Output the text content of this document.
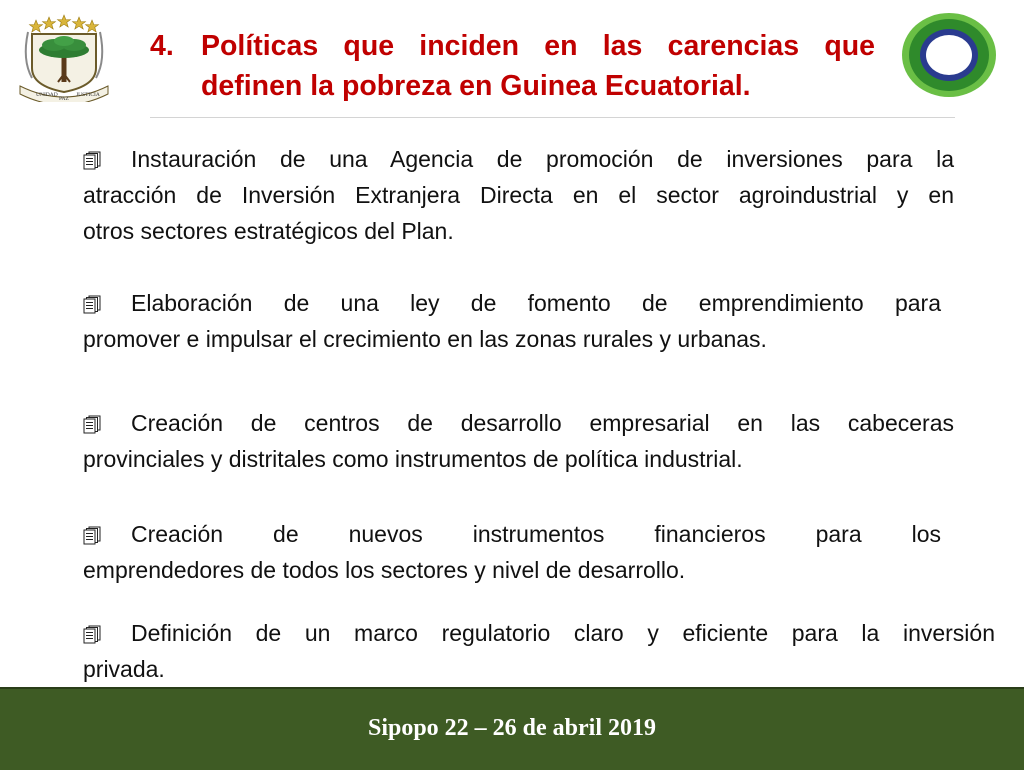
UNIDAD
PAZ
JUSTICIA
4. Políticas que inciden en las carencias que
definen la pobreza en Guinea Ecuatorial.
Instauración de una Agencia de promoción de inversiones para la
atracción de Inversión Extranjera Directa en el sector agroindustrial y en
otros sectores estratégicos del Plan.
Elaboración de una ley de fomento de emprendimiento para
promover e impulsar el crecimiento en las zonas rurales y urbanas.
Creación de centros de desarrollo empresarial en las cabeceras
provinciales y distritales como instrumentos de política industrial.
Creación de nuevos instrumentos financieros para los
emprendedores de todos los sectores y nivel de desarrollo.
Definición de un marco regulatorio claro y eficiente para la inversión
privada.
Sipopo 22 – 26 de abril 2019
